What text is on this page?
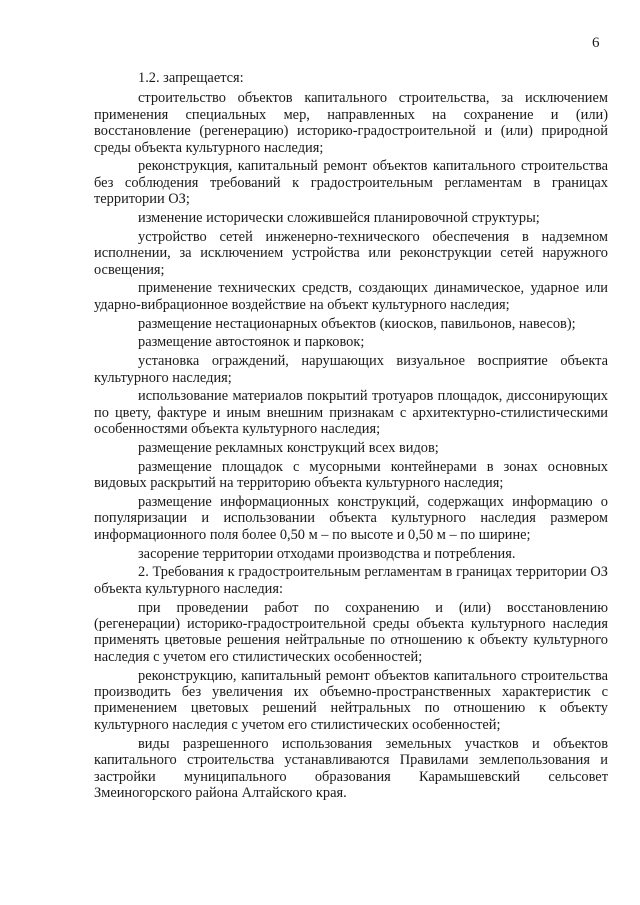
6

1.2. запрещается:

строительство объектов капитального строительства, за исключением применения специальных мер, направленных на сохранение и (или) восстановление (регенерацию) историко-градостроительной и (или) природной среды объекта культурного наследия;

реконструкция, капитальный ремонт объектов капитального строительства без соблюдения требований к градостроительным регламентам в границах территории ОЗ;

изменение исторически сложившейся планировочной структуры;

устройство сетей инженерно-технического обеспечения в надземном исполнении, за исключением устройства или реконструкции сетей наружного освещения;

применение технических средств, создающих динамическое, ударное или ударно-вибрационное воздействие на объект культурного наследия;

размещение нестационарных объектов (киосков, павильонов, навесов);

размещение автостоянок и парковок;

установка ограждений, нарушающих визуальное восприятие объекта культурного наследия;

использование материалов покрытий тротуаров площадок, диссонирующих по цвету, фактуре и иным внешним признакам с архитектурно-стилистическими особенностями объекта культурного наследия;

размещение рекламных конструкций всех видов;

размещение площадок с мусорными контейнерами в зонах основных видовых раскрытий на территорию объекта культурного наследия;

размещение информационных конструкций, содержащих информацию о популяризации и использовании объекта культурного наследия размером информационного поля более 0,50 м – по высоте и 0,50 м – по ширине;

засорение территории отходами производства и потребления.

2. Требования к градостроительным регламентам в границах территории ОЗ объекта культурного наследия:

при проведении работ по сохранению и (или) восстановлению (регенерации) историко-градостроительной среды объекта культурного наследия применять цветовые решения нейтральные по отношению к объекту культурного наследия с учетом его стилистических особенностей;

реконструкцию, капитальный ремонт объектов капитального строительства производить без увеличения их объемно-пространственных характеристик с применением цветовых решений нейтральных по отношению к объекту культурного наследия с учетом его стилистических особенностей;

виды разрешенного использования земельных участков и объектов капитального строительства устанавливаются Правилами землепользования и застройки муниципального образования Карамышевский сельсовет Змеиногорского района Алтайского края.
